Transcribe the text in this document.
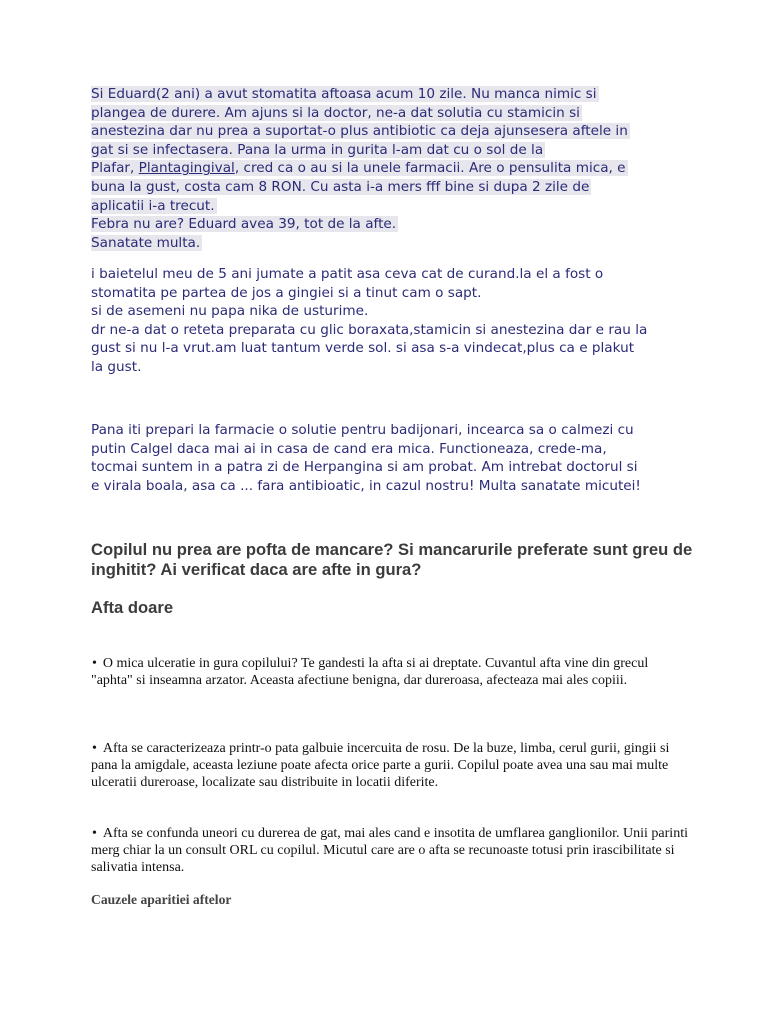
Si Eduard(2 ani) a avut stomatita aftoasa acum 10 zile. Nu manca nimic si
plangea de durere. Am ajuns si la doctor, ne-a dat solutia cu stamicin si
anestezina dar nu prea a suportat-o plus antibiotic ca deja ajunsesera aftele in
gat si se infectasera. Pana la urma in gurita l-am dat cu o sol de la
Plafar, Plantagingival, cred ca o au si la unele farmacii. Are o pensulita mica, e
buna la gust, costa cam 8 RON. Cu asta i-a mers fff bine si dupa 2 zile de
aplicatii i-a trecut.
Febra nu are? Eduard avea 39, tot de la afte.
Sanatate multa.
i baietelul meu de 5 ani jumate a patit asa ceva cat de curand.la el a fost o
stomatita pe partea de jos a gingiei si a tinut cam o sapt.
si de asemeni nu papa nika de usturime.
dr ne-a dat o reteta preparata cu glic boraxata,stamicin si anestezina dar e rau la
gust si nu l-a vrut.am luat tantum verde sol. si asa s-a vindecat,plus ca e plakut
la gust.
Pana iti prepari la farmacie o solutie pentru badijonari, incearca sa o calmezi cu
putin Calgel daca mai ai in casa de cand era mica. Functioneaza, crede-ma,
tocmai suntem in a patra zi de Herpangina si am probat. Am intrebat doctorul si
e virala boala, asa ca ... fara antibioatic, in cazul nostru! Multa sanatate micutei!
Copilul nu prea are pofta de mancare? Si mancarurile preferate sunt greu de inghitit? Ai verificat daca are afte in gura?
Afta doare

• O mica ulceratie in gura copilului? Te gandesti la afta si ai dreptate. Cuvantul afta vine din grecul "aphta" si inseamna arzator. Aceasta afectiune benigna, dar dureroasa, afecteaza mai ales copiii.

• Afta se caracterizeaza printr-o pata galbuie incercuita de rosu. De la buze, limba, cerul gurii, gingii si pana la amigdale, aceasta leziune poate afecta orice parte a gurii. Copilul poate avea una sau mai multe ulceratii dureroase, localizate sau distribuite in locatii diferite.

• Afta se confunda uneori cu durerea de gat, mai ales cand e insotita de umflarea ganglionilor. Unii parinti merg chiar la un consult ORL cu copilul. Micutul care are o afta se recunoaste totusi prin irascibilitate si salivatia intensa.

Cauzele aparitiei aftelor
